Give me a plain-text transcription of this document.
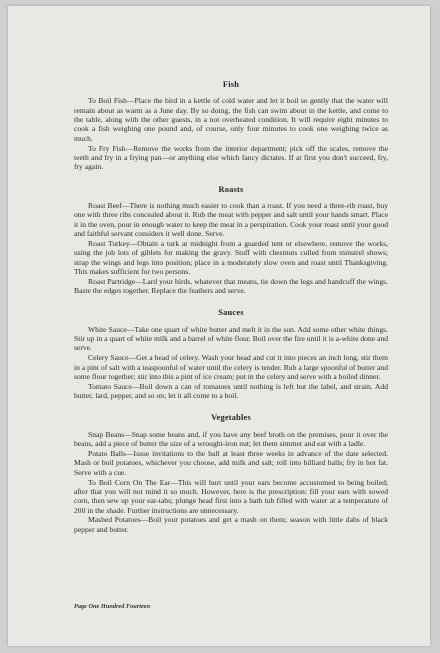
Fish

To Boil Fish—Place the bird in a kettle of cold water and let it boil so gently that the water will remain about as warm as a June day. By so doing, the fish can swim about in the kettle, and come to the table, along with the other guests, in a not overheated condition. It will require eight minutes to cook a fish weighing one pound and, of course, only four minutes to cook one weighing twice as much.

To Fry Fish—Remove the works from the interior department; pick off the scales, remove the teeth and fry in a frying pan—or anything else which fancy dictates. If at first you don't succeed, fry, fry again.

Roasts

Roast Beef—There is nothing much easier to cook than a roast. If you need a three-rib roast, buy one with three ribs concealed about it. Rub the meat with pepper and salt until your hands smart. Place it in the oven, pour in enough water to keep the meat in a perspiration. Cook your roast until your good and faithful servant considers it well done. Serve.

Roast Turkey—Obtain a turk at midnight from a guarded tent or elsewhere, remove the works, using the job lots of giblets for making the gravy. Stuff with chestnuts culled from minstrel shows; strap the wings and legs into position; place in a moderately slow oven and roast until Thanksgiving. This makes sufficient for two persons.

Roast Partridge—Lard your birds, whatever that means, tie down the legs and handcuff the wings. Baste the edges together. Replace the feathers and serve.

Sauces

White Sauce—Take one quart of white butter and melt it in the sun. Add some other white things. Stir up in a quart of white milk and a barrel of white flour. Boil over the fire until it is a-white done and serve.

Celery Sauce—Get a head of celery. Wash your head and cut it into pieces an inch long, stir them in a pint of salt with a teaspoonful of water until the celery is tender. Rub a large spoonful of butter and some flour together; stir into this a pint of ice cream; put in the celery and serve with a boiled dinner.

Tomato Sauce—Boil down a can of tomatoes until nothing is left but the label, and strain. Add butter, lard, pepper, and so on; let it all come to a boil.

Vegetables

Snap Beans—Snap some beans and, if you have any beef broth on the premises, pour it over the beans, add a piece of butter the size of a wrought-iron nut; let them simmer and eat with a ladle.

Potato Balls—Issue invitations to the ball at least three weeks in advance of the date selected. Mash or boil potatoes, whichever you choose, add milk and salt; roll into billiard balls; fry in hot fat. Serve with a cue.

To Boil Corn On The Ear—This will hurt until your ears become accustomed to being boiled; after that you will not mind it so much. However, here is the prescription: fill your ears with sowed corn, then sew up your ear-tabs; plunge head first into a bath tub filled with water at a temperature of 200 in the shade. Further instructions are unnecessary.

Mashed Potatoes—Boil your potatoes and get a mash on them; season with little dabs of black pepper and butter.

Page One Hundred Fourteen
